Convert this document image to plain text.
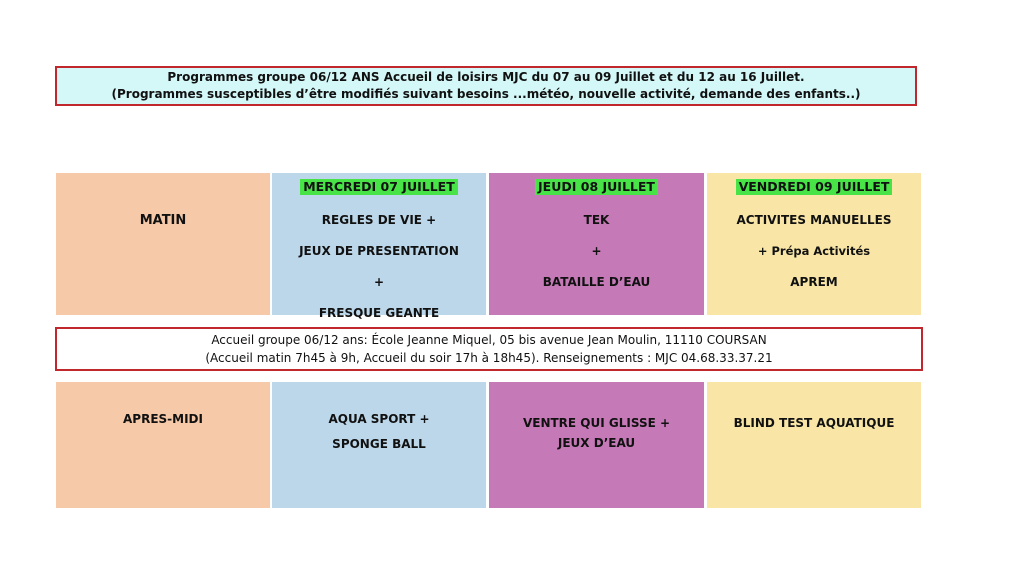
Programmes groupe 06/12 ANS Accueil de loisirs MJC du 07 au 09 Juillet et du 12 au 16 Juillet.
(Programmes susceptibles d’être modifiés suivant besoins ...météo, nouvelle activité, demande des enfants..)
MATIN
MERCREDI 07 JUILLET
REGLES DE VIE +
JEUX DE PRESENTATION
+
FRESQUE GEANTE
JEUDI 08 JUILLET
TEK
+
BATAILLE D’EAU
VENDREDI 09 JUILLET
ACTIVITES MANUELLES
+ Prépa Activités
APREM
Accueil groupe 06/12 ans: École Jeanne Miquel, 05 bis avenue Jean Moulin, 11110 COURSAN
(Accueil matin 7h45 à 9h, Accueil du soir 17h à 18h45). Renseignements : MJC 04.68.33.37.21
APRES-MIDI	AQUA SPORT +
SPONGE BALL
VENTRE QUI GLISSE +
JEUX D’EAU
BLIND TEST AQUATIQUE
